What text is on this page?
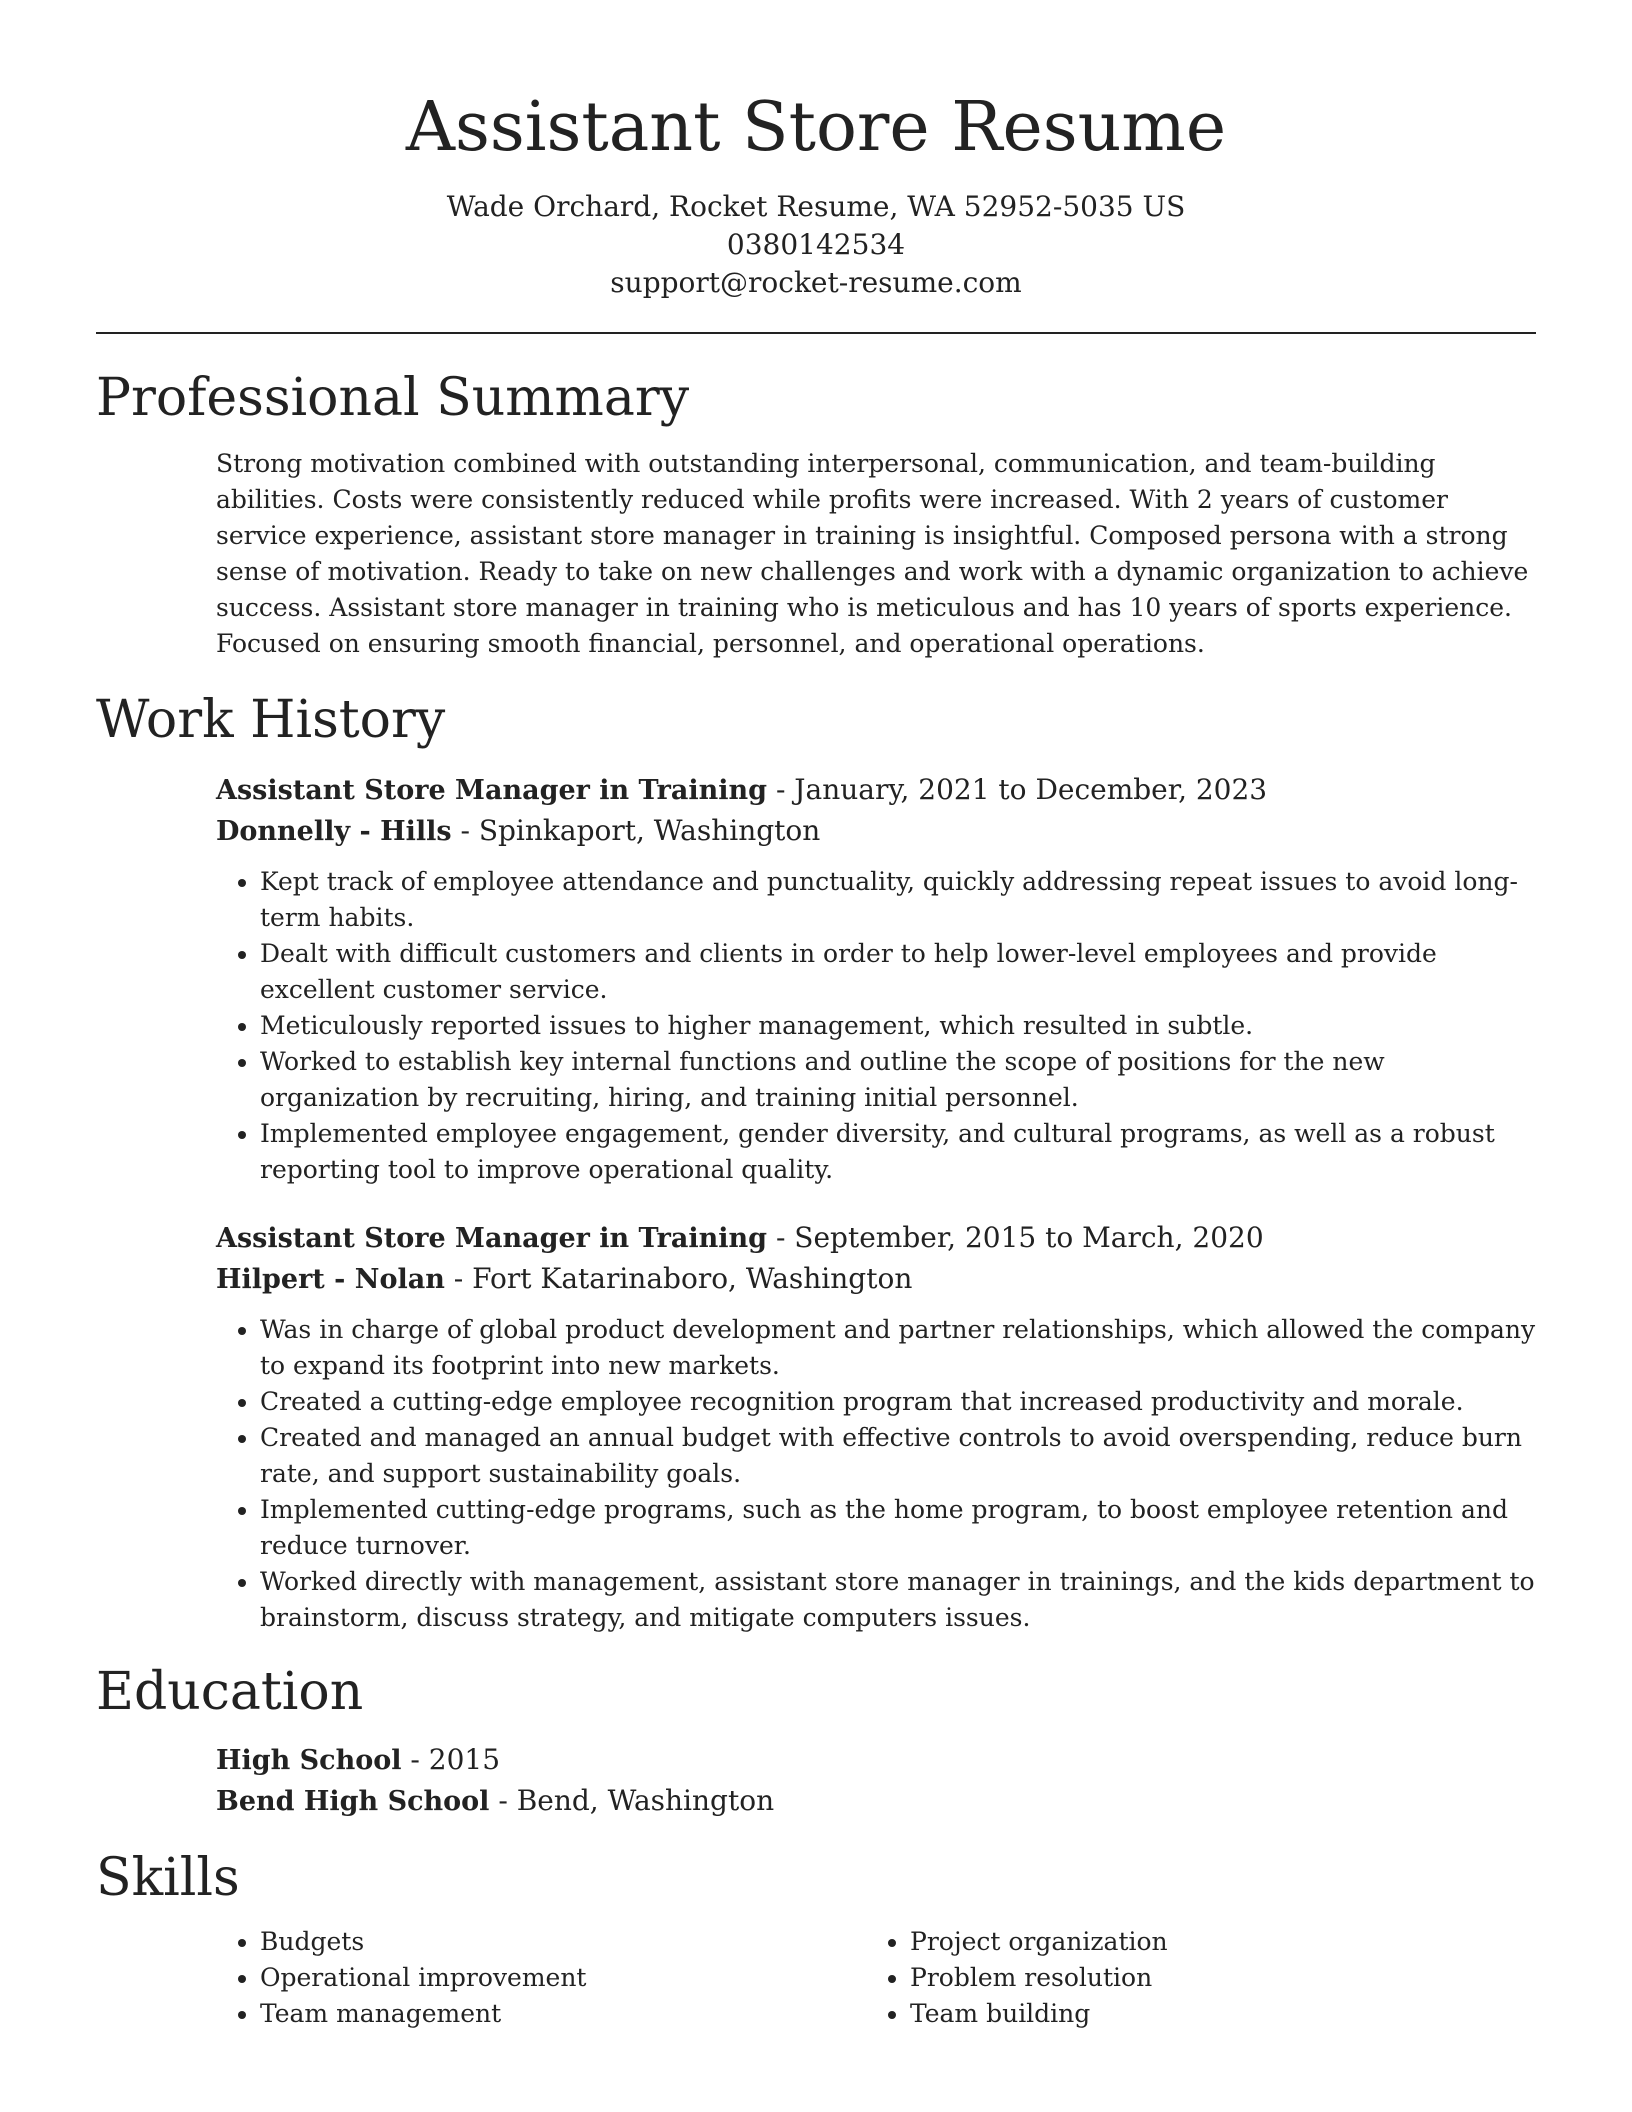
Assistant Store Resume

Wade Orchard, Rocket Resume, WA 52952-5035 US

0380142534

support@rocket-resume.com

Professional Summary

Strong motivation combined with outstanding interpersonal, communication, and team-building abilities. Costs were consistently reduced while profits were increased. With 2 years of customer service experience, assistant store manager in training is insightful. Composed persona with a strong sense of motivation. Ready to take on new challenges and work with a dynamic organization to achieve success. Assistant store manager in training who is meticulous and has 10 years of sports experience. Focused on ensuring smooth financial, personnel, and operational operations.

Work History

Assistant Store Manager in Training - January, 2021 to December, 2023

Donnelly - Hills - Spinkaport, Washington

• Kept track of employee attendance and punctuality, quickly addressing repeat issues to avoid long-term habits.
• Dealt with difficult customers and clients in order to help lower-level employees and provide excellent customer service.
• Meticulously reported issues to higher management, which resulted in subtle.
• Worked to establish key internal functions and outline the scope of positions for the new organization by recruiting, hiring, and training initial personnel.
• Implemented employee engagement, gender diversity, and cultural programs, as well as a robust reporting tool to improve operational quality.

Assistant Store Manager in Training - September, 2015 to March, 2020

Hilpert - Nolan - Fort Katarinaboro, Washington

• Was in charge of global product development and partner relationships, which allowed the company to expand its footprint into new markets.
• Created a cutting-edge employee recognition program that increased productivity and morale.
• Created and managed an annual budget with effective controls to avoid overspending, reduce burn rate, and support sustainability goals.
• Implemented cutting-edge programs, such as the home program, to boost employee retention and reduce turnover.
• Worked directly with management, assistant store manager in trainings, and the kids department to brainstorm, discuss strategy, and mitigate computers issues.
Education

High School - 2015

Bend High School - Bend, Washington

Skills
• Budgets
• Operational improvement
• Team management
• Project organization
• Problem resolution
• Team building
